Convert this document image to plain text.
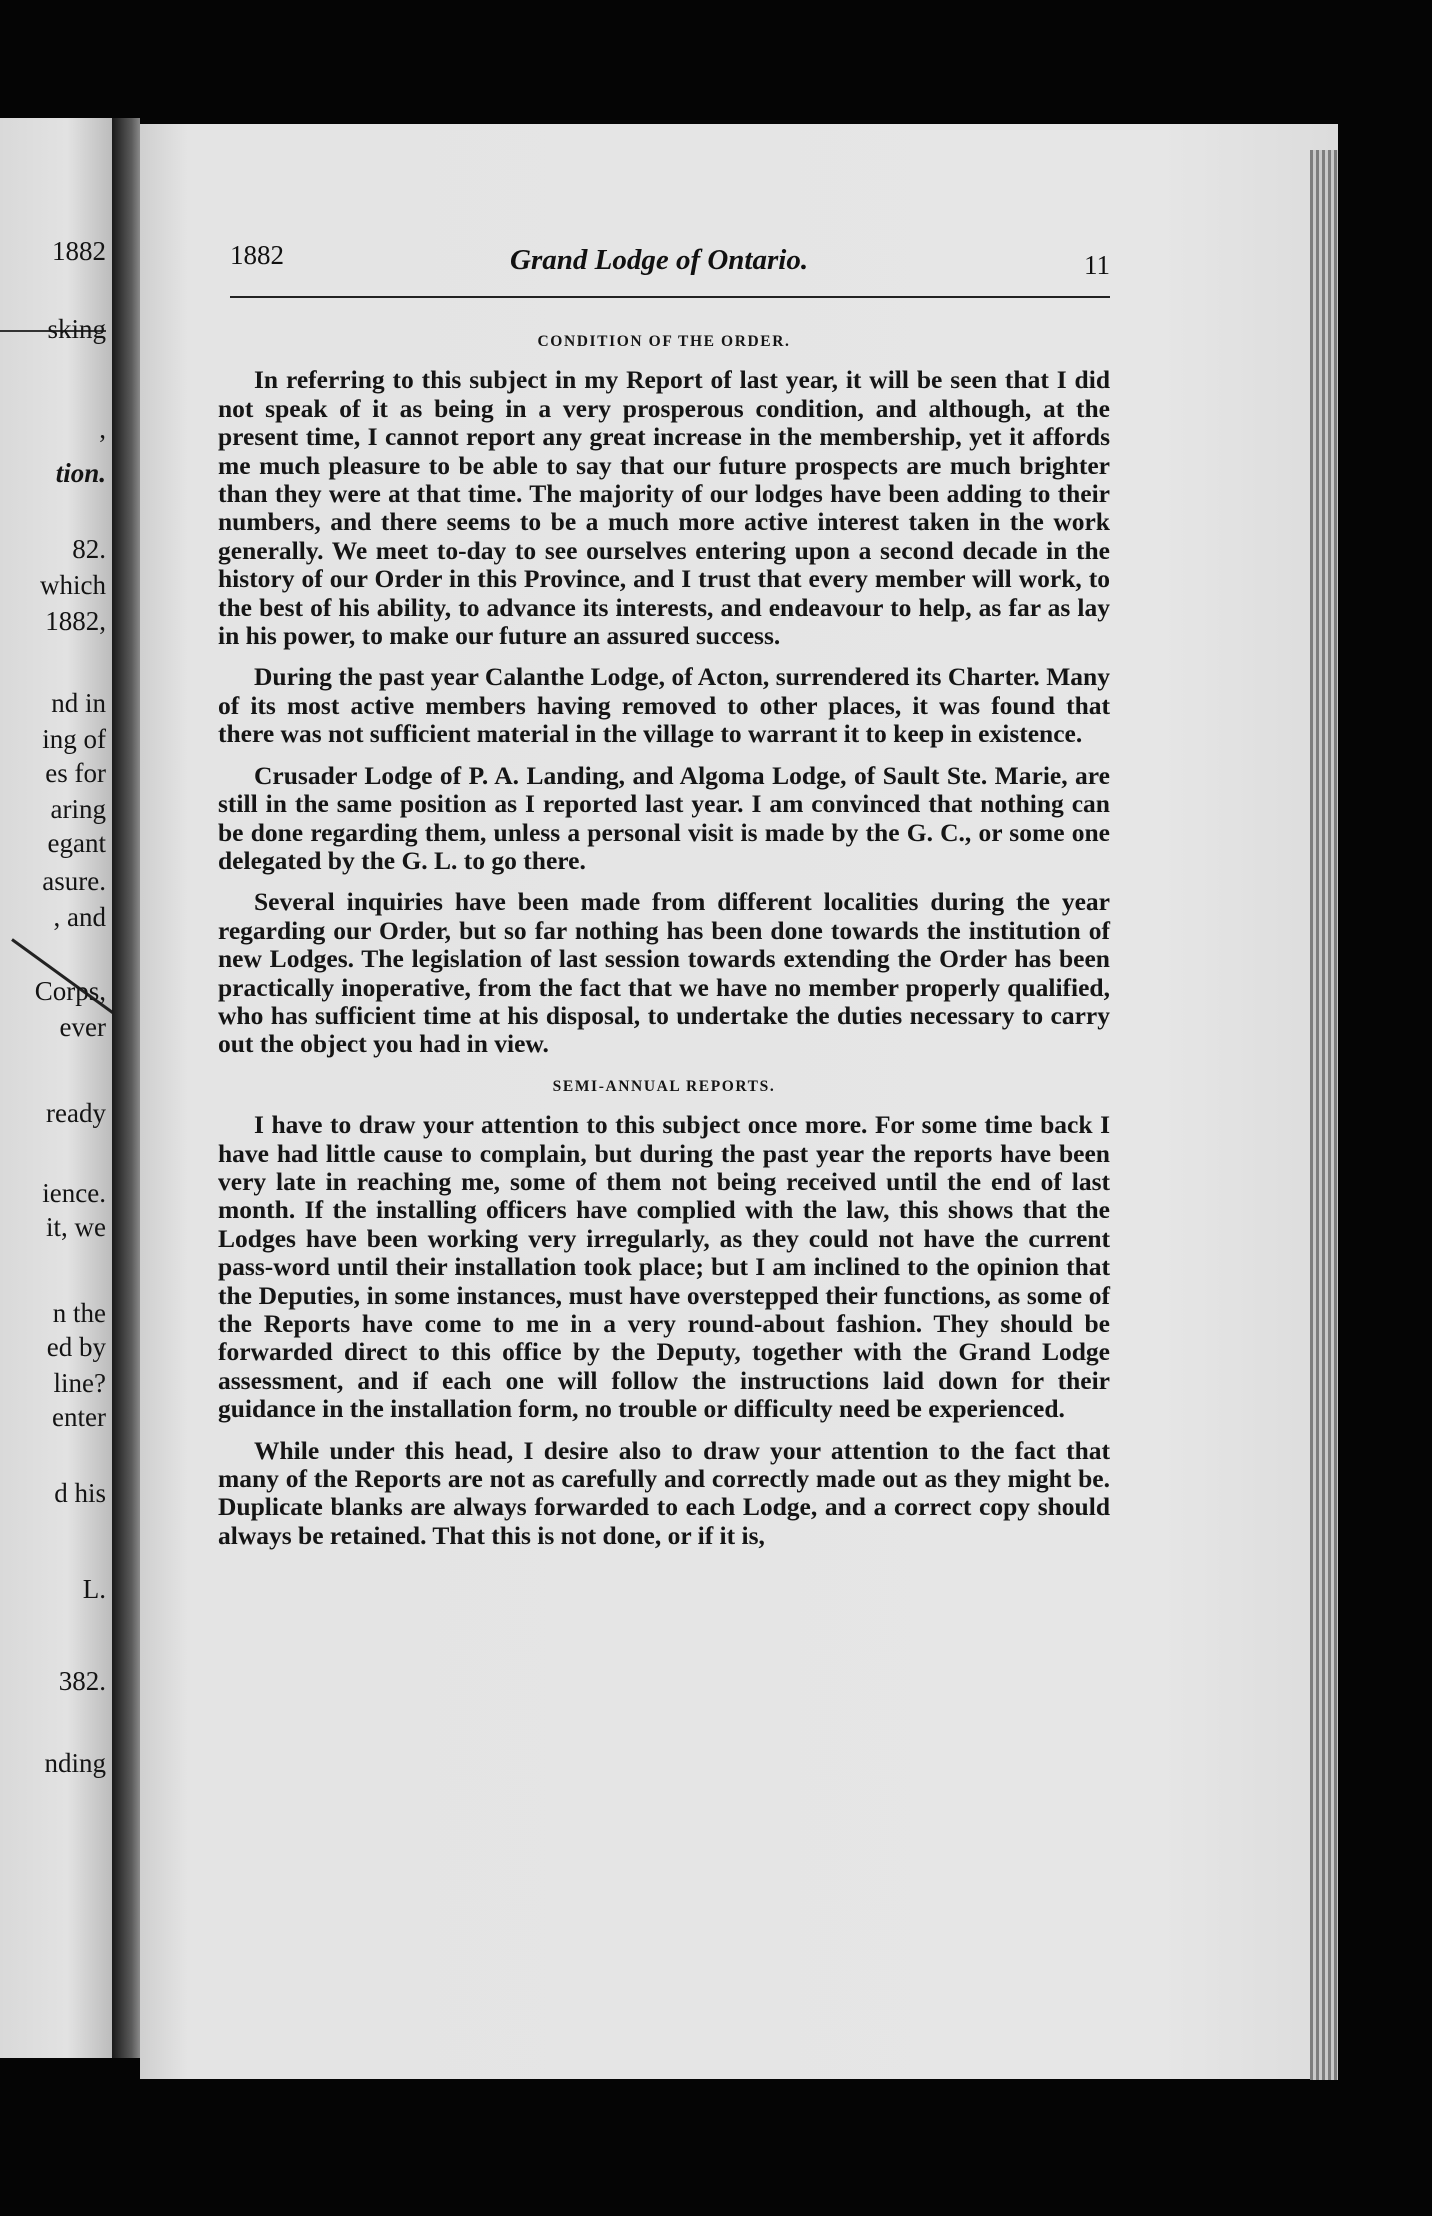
1882
sking
,
tion.
82.
which
1882,
nd in
ing of
es for
aring
egant
asure.
, and
Corps,
ever
ready
ience.
it, we
n the
ed by
line?
enter
d his
L.
382.
nding
1882	Grand Lodge of Ontario.	11
CONDITION OF THE ORDER.

In referring to this subject in my Report of last year, it will be seen that I did not speak of it as being in a very prosperous condition, and although, at the present time, I cannot report any great increase in the membership, yet it affords me much pleasure to be able to say that our future prospects are much brighter than they were at that time. The majority of our lodges have been adding to their numbers, and there seems to be a much more active interest taken in the work generally. We meet to-day to see ourselves entering upon a second decade in the history of our Order in this Province, and I trust that every member will work, to the best of his ability, to advance its interests, and endeavour to help, as far as lay in his power, to make our future an assured success.

During the past year Calanthe Lodge, of Acton, surrendered its Charter. Many of its most active members having removed to other places, it was found that there was not sufficient material in the village to warrant it to keep in existence.

Crusader Lodge of P. A. Landing, and Algoma Lodge, of Sault Ste. Marie, are still in the same position as I reported last year. I am convinced that nothing can be done regarding them, unless a personal visit is made by the G. C., or some one delegated by the G. L. to go there.

Several inquiries have been made from different localities during the year regarding our Order, but so far nothing has been done towards the institution of new Lodges. The legislation of last session towards extending the Order has been practically inoperative, from the fact that we have no member properly qualified, who has sufficient time at his disposal, to undertake the duties necessary to carry out the object you had in view.

SEMI-ANNUAL REPORTS.

I have to draw your attention to this subject once more. For some time back I have had little cause to complain, but during the past year the reports have been very late in reaching me, some of them not being received until the end of last month. If the installing officers have complied with the law, this shows that the Lodges have been working very irregularly, as they could not have the current pass-word until their installation took place; but I am inclined to the opinion that the Deputies, in some instances, must have overstepped their functions, as some of the Reports have come to me in a very round-about fashion. They should be forwarded direct to this office by the Deputy, together with the Grand Lodge assessment, and if each one will follow the instructions laid down for their guidance in the installation form, no trouble or difficulty need be experienced.

While under this head, I desire also to draw your attention to the fact that many of the Reports are not as carefully and correctly made out as they might be. Duplicate blanks are always forwarded to each Lodge, and a correct copy should always be retained. That this is not done, or if it is,
